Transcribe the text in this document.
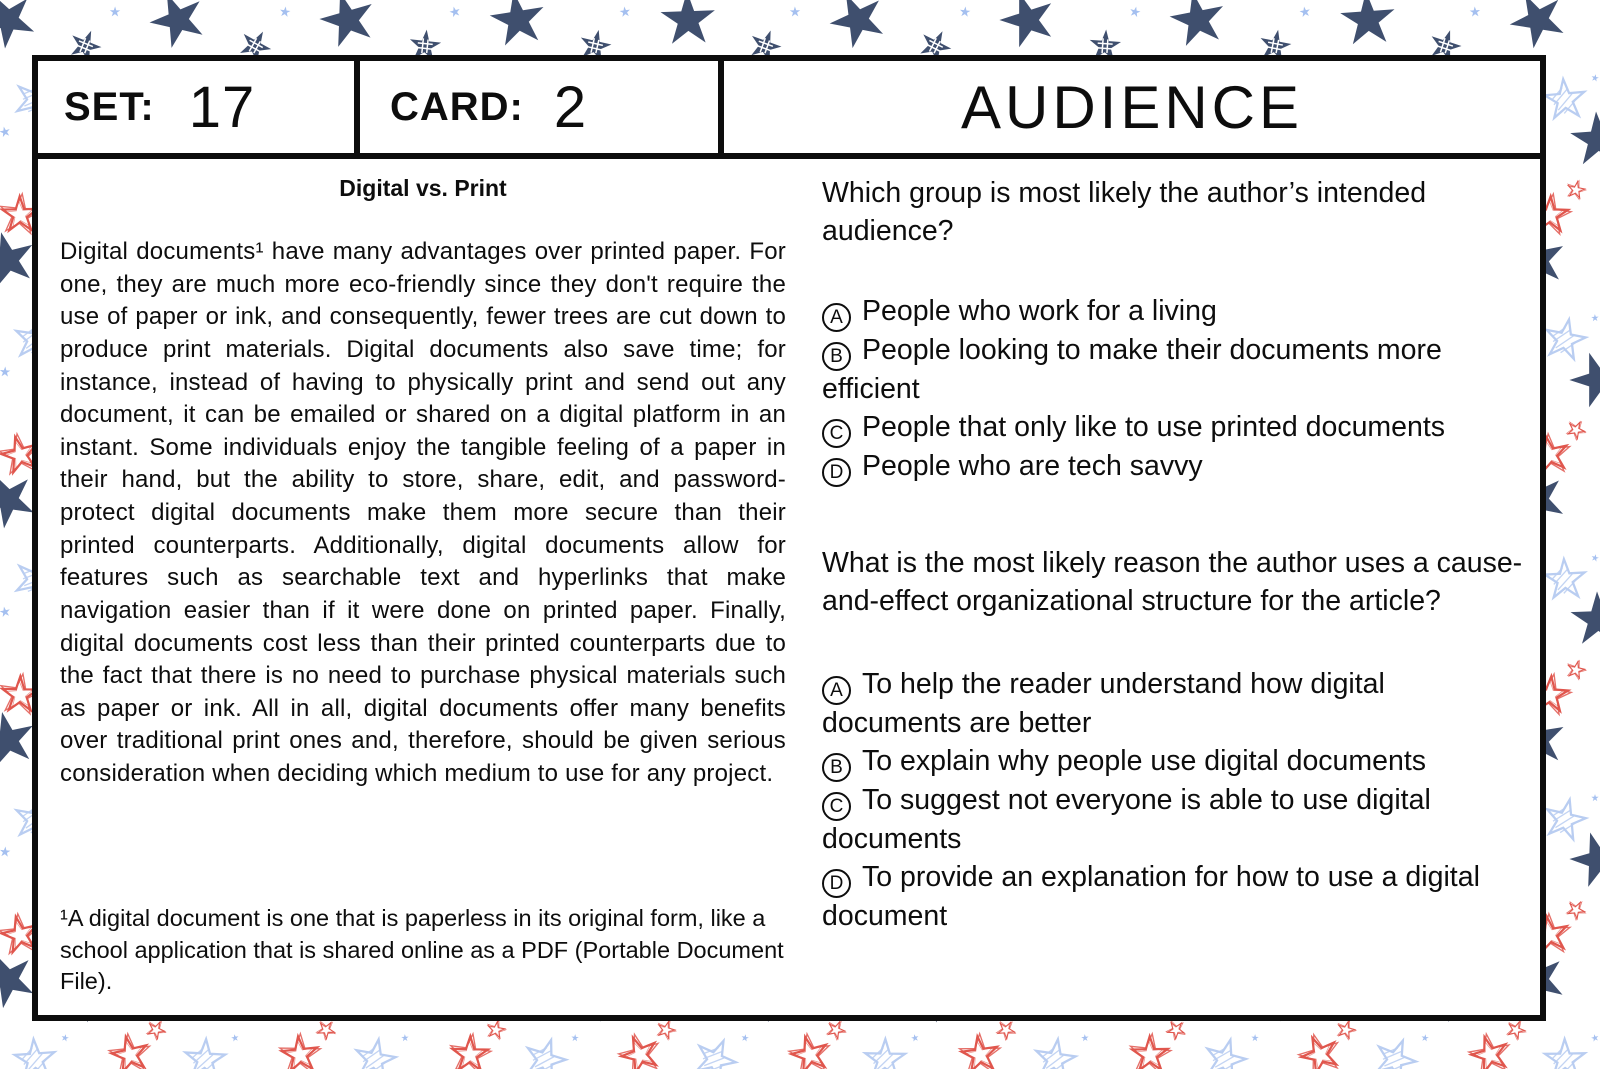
SET: 17	CARD: 2	AUDIENCE
Digital vs. Print
Digital documents¹ have many advantages over printed paper. For one, they are much more eco-friendly since they don't require the use of paper or ink, and consequently, fewer trees are cut down to produce print materials. Digital documents also save time; for instance, instead of having to physically print and send out any document, it can be emailed or shared on a digital platform in an instant. Some individuals enjoy the tangible feeling of a paper in their hand, but the ability to store, share, edit, and password-protect digital documents make them more secure than their printed counterparts. Additionally, digital documents allow for features such as searchable text and hyperlinks that make navigation easier than if it were done on printed paper. Finally, digital documents cost less than their printed counterparts due to the fact that there is no need to purchase physical materials such as paper or ink. All in all, digital documents offer many benefits over traditional print ones and, therefore, should be given serious consideration when deciding which medium to use for any project.
¹A digital document is one that is paperless in its original form, like a school application that is shared online as a PDF (Portable Document File).

Which group is most likely the author’s intended audience?

A People who work for a living
B People looking to make their documents more efficient
C People that only like to use printed documents
D People who are tech savvy

What is the most likely reason the author uses a cause-and-effect organizational structure for the article?

A To help the reader understand how digital documents are better
B To explain why people use digital documents
C To suggest not everyone is able to use digital documents
D To provide an explanation for how to use a digital document
